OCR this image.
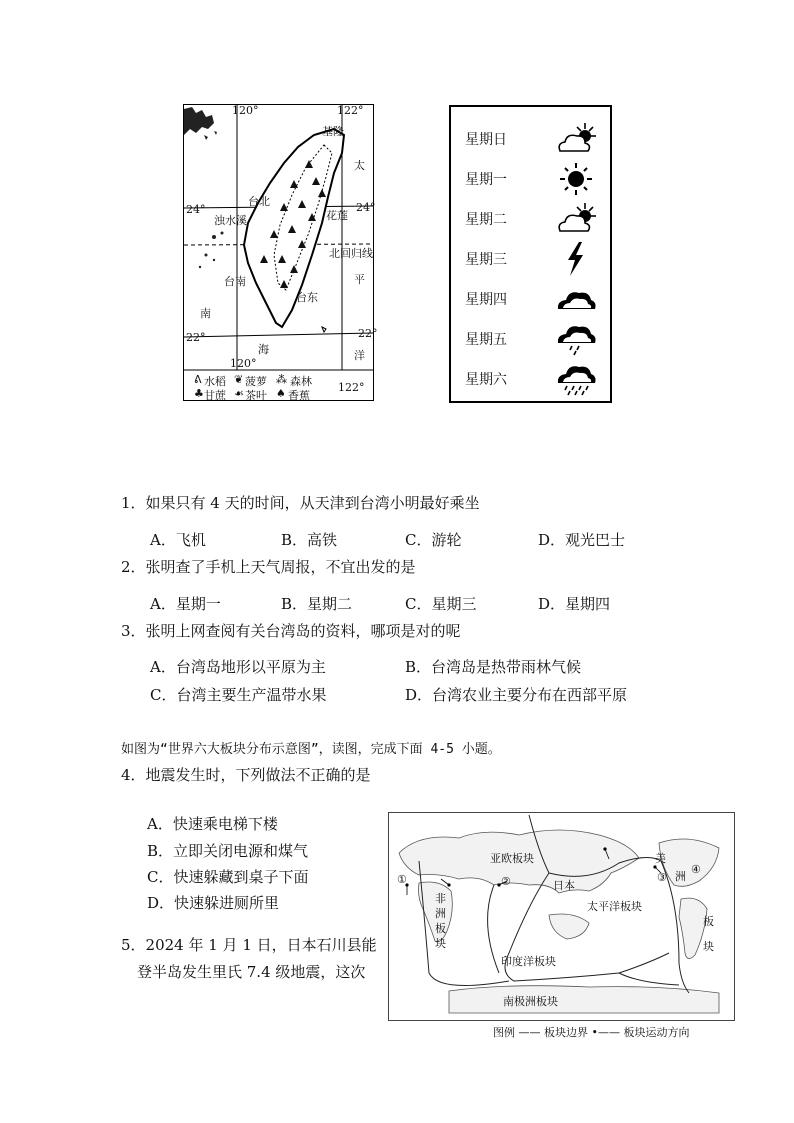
120°	122°
基隆
太
台北
24°	24°
花莲
浊水溪
北回归线
台南	平
台东
南
22°	22°
海	洋
120°
122°
ᕕ 水稻 ❦ 菠萝 ⁂ 森林
♣ 甘蔗 ☙ 茶叶 ♠ 香蕉
星期日
星期一
星期二
星期三
星期四
星期五
星期六
1．如果只有 4 天的时间，从天津到台湾小明最好乘坐
A．飞机	B．高铁	C．游轮	D．观光巴士
2．张明查了手机上天气周报，不宜出发的是
A．星期一	B．星期二	C．星期三	D．星期四
3．张明上网查阅有关台湾岛的资料，哪项是对的呢
A．台湾岛地形以平原为主	B．台湾岛是热带雨林气候
C．台湾主要生产温带水果	D．台湾农业主要分布在西部平原
如图为“世界六大板块分布示意图”，读图，完成下面 4-5 小题。
4．地震发生时，下列做法不正确的是
A．快速乘电梯下楼
B．立即关闭电源和煤气
C．快速躲藏到桌子下面
D．快速躲进厕所里
5．2024 年 1 月 1 日，日本石川县能
登半岛发生里氏 7.4 级地震，这次
亚欧板块	美
洲
①	②	日本
③
④
非
洲
板
块
太平洋板块
板
块
印度洋板块
南极洲板块
图例 —— 板块边界 •—— 板块运动方向
